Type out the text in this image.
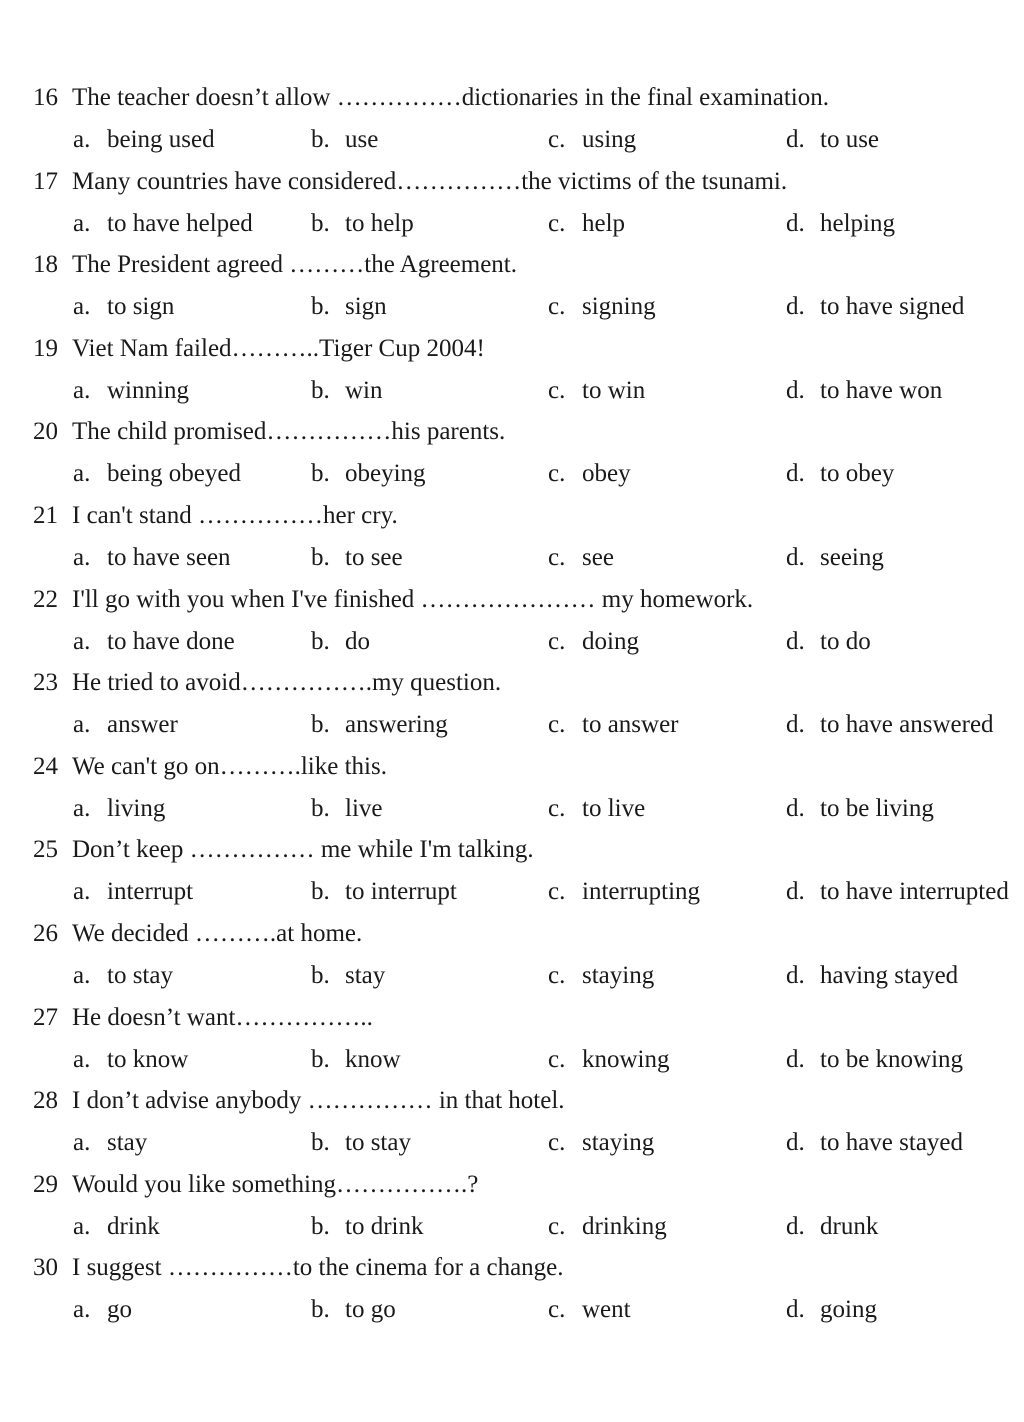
16 The teacher doesn’t allow ……………dictionaries in the final examination.
a. being used	b. use	c. using	d. to use
17 Many countries have considered……………the victims of the tsunami.
a. to have helped b. to help	c. help	d. helping
18 The President agreed ………the Agreement.
a. to sign	b. sign	c. signing	d. to have signed
19 Viet Nam failed………..Tiger Cup 2004!
a. winning	b. win	c. to win	d. to have won
20 The child promised……………his parents.
a. being obeyed	b. obeying	c. obey	d. to obey
21 I can't stand ……………her cry.
a. to have seen	b. to see	c. see	d. seeing
22 I'll go with you when I've finished ………………… my homework.
a. to have done	b. do	c. doing	d. to do
23 He tried to avoid…………….my question.
a. answer	b. answering	c. to answer	d. to have answered
24 We can't go on……….like this.
a. living	b. live	c. to live	d. to be living
25 Don’t keep …………… me while I'm talking.
a. interrupt	b. to interrupt	c. interrupting	d. to have interrupted
26 We decided ……….at home.
a. to stay	b. stay	c. staying	d. having stayed
27 He doesn’t want……………..
a. to know	b. know	c. knowing	d. to be knowing
28 I don’t advise anybody …………… in that hotel.
a. stay	b. to stay	c. staying	d. to have stayed
29 Would you like something…………….?
a. drink	b. to drink	c. drinking	d. drunk
30 I suggest ……………to the cinema for a change.
a. go	b. to go	c. went	d. going
